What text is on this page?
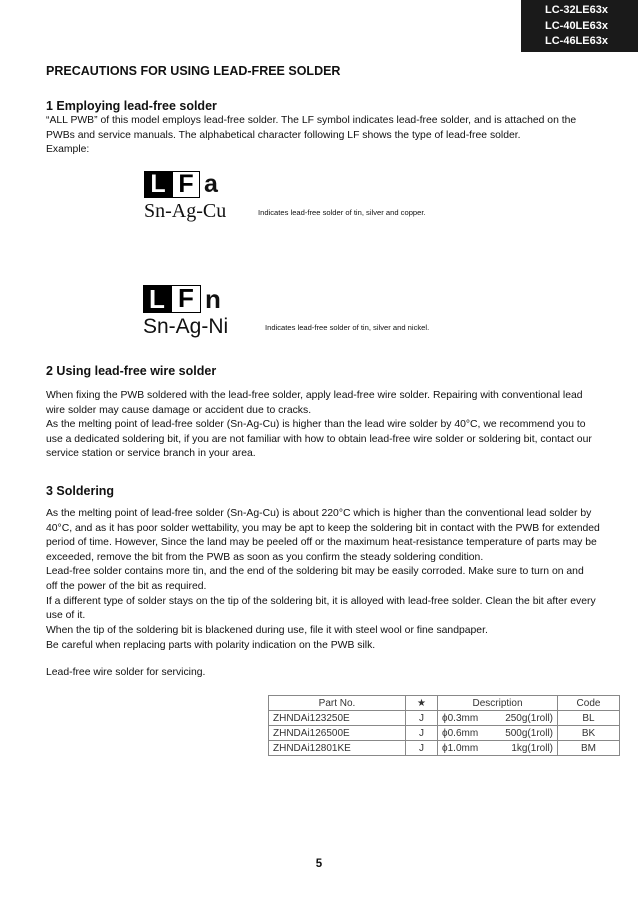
LC-32LE63x
LC-40LE63x
LC-46LE63x
PRECAUTIONS FOR USING LEAD-FREE SOLDER
1 Employing lead-free solder

“ALL PWB” of this model employs lead-free solder. The LF symbol indicates lead-free solder, and is attached on the

PWBs and service manuals. The alphabetical character following LF shows the type of lead-free solder.

Example:

L F a
Sn-Ag-Cu	Indicates lead-free solder of tin, silver and copper.
L F n
Sn-Ag-Ni	Indicates lead-free solder of tin, silver and nickel.
2 Using lead-free wire solder

When fixing the PWB soldered with the lead-free solder, apply lead-free wire solder. Repairing with conventional lead

wire solder may cause damage or accident due to cracks.

As the melting point of lead-free solder (Sn-Ag-Cu) is higher than the lead wire solder by 40°C, we recommend you to

use a dedicated soldering bit, if you are not familiar with how to obtain lead-free wire solder or soldering bit, contact our

service station or service branch in your area.

3 Soldering

As the melting point of lead-free solder (Sn-Ag-Cu) is about 220°C which is higher than the conventional lead solder by

40°C, and as it has poor solder wettability, you may be apt to keep the soldering bit in contact with the PWB for extended

period of time. However, Since the land may be peeled off or the maximum heat-resistance temperature of parts may be

exceeded, remove the bit from the PWB as soon as you confirm the steady soldering condition.

Lead-free solder contains more tin, and the end of the soldering bit may be easily corroded. Make sure to turn on and

off the power of the bit as required.

If a different type of solder stays on the tip of the soldering bit, it is alloyed with lead-free solder. Clean the bit after every

use of it.

When the tip of the soldering bit is blackened during use, file it with steel wool or fine sandpaper.

Be careful when replacing parts with polarity indication on the PWB silk.
Lead-free wire solder for servicing.
Part No.	★	Description	Code
ZHNDAi123250E	J	ϕ0.3mm 250g(1roll)	BL
ZHNDAi126500E	J	ϕ0.6mm 500g(1roll)	BK
ZHNDAi12801KE	J	ϕ1.0mm 1kg(1roll)	BM
5
